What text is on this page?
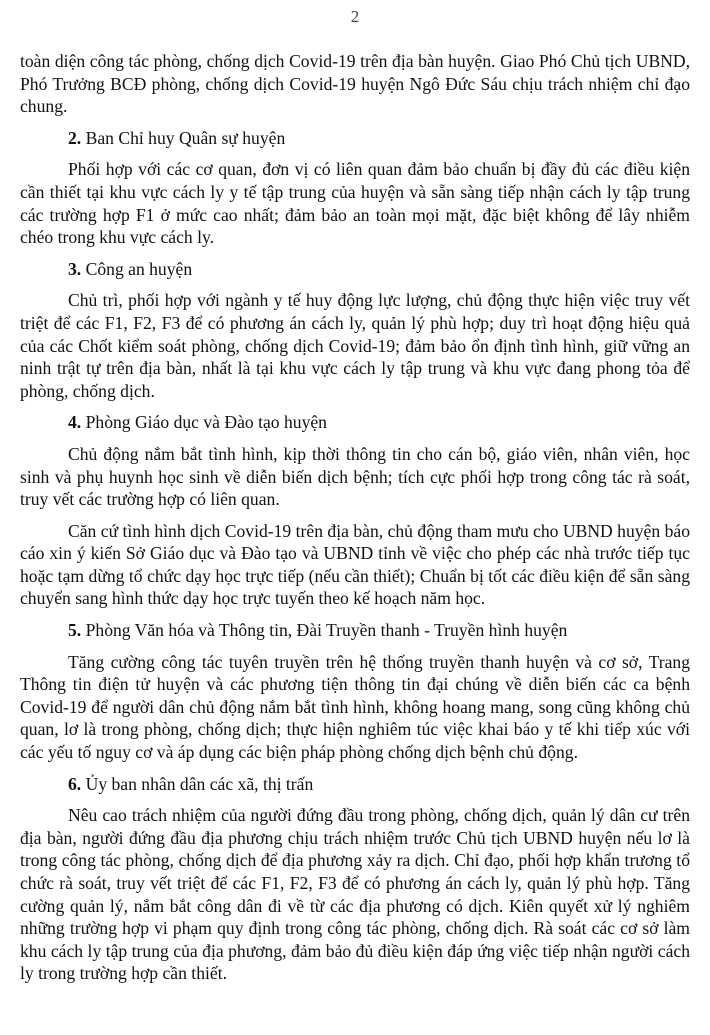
2

toàn diện công tác phòng, chống dịch Covid-19 trên địa bàn huyện. Giao Phó Chủ tịch UBND, Phó Trưởng BCĐ phòng, chống dịch Covid-19 huyện Ngô Đức Sáu chịu trách nhiệm chỉ đạo chung.

2. Ban Chỉ huy Quân sự huyện

Phối hợp với các cơ quan, đơn vị có liên quan đảm bảo chuẩn bị đầy đủ các điều kiện cần thiết tại khu vực cách ly y tế tập trung của huyện và sẵn sàng tiếp nhận cách ly tập trung các trường hợp F1 ở mức cao nhất; đảm bảo an toàn mọi mặt, đặc biệt không để lây nhiễm chéo trong khu vực cách ly.

3. Công an huyện

Chủ trì, phối hợp với ngành y tế huy động lực lượng, chủ động thực hiện việc truy vết triệt để các F1, F2, F3 để có phương án cách ly, quản lý phù hợp; duy trì hoạt động hiệu quả của các Chốt kiểm soát phòng, chống dịch Covid-19; đảm bảo ổn định tình hình, giữ vững an ninh trật tự trên địa bàn, nhất là tại khu vực cách ly tập trung và khu vực đang phong tỏa để phòng, chống dịch.

4. Phòng Giáo dục và Đào tạo huyện

Chủ động nắm bắt tình hình, kịp thời thông tin cho cán bộ, giáo viên, nhân viên, học sinh và phụ huynh học sinh về diễn biến dịch bệnh; tích cực phối hợp trong công tác rà soát, truy vết các trường hợp có liên quan.

Căn cứ tình hình dịch Covid-19 trên địa bàn, chủ động tham mưu cho UBND huyện báo cáo xin ý kiến Sở Giáo dục và Đào tạo và UBND tỉnh về việc cho phép các nhà trước tiếp tục hoặc tạm dừng tổ chức dạy học trực tiếp (nếu cần thiết); Chuẩn bị tốt các điều kiện để sẵn sàng chuyển sang hình thức dạy học trực tuyến theo kế hoạch năm học.

5. Phòng Văn hóa và Thông tin, Đài Truyền thanh - Truyền hình huyện

Tăng cường công tác tuyên truyền trên hệ thống truyền thanh huyện và cơ sở, Trang Thông tin điện tử huyện và các phương tiện thông tin đại chúng về diễn biến các ca bệnh Covid-19 để người dân chủ động nắm bắt tình hình, không hoang mang, song cũng không chủ quan, lơ là trong phòng, chống dịch; thực hiện nghiêm túc việc khai báo y tế khi tiếp xúc với các yếu tố nguy cơ và áp dụng các biện pháp phòng chống dịch bệnh chủ động.

6. Ủy ban nhân dân các xã, thị trấn

Nêu cao trách nhiệm của người đứng đầu trong phòng, chống dịch, quản lý dân cư trên địa bàn, người đứng đầu địa phương chịu trách nhiệm trước Chủ tịch UBND huyện nếu lơ là trong công tác phòng, chống dịch để địa phương xảy ra dịch. Chỉ đạo, phối hợp khẩn trương tổ chức rà soát, truy vết triệt để các F1, F2, F3 để có phương án cách ly, quản lý phù hợp. Tăng cường quản lý, nắm bắt công dân đi về từ các địa phương có dịch. Kiên quyết xử lý nghiêm những trường hợp vi phạm quy định trong công tác phòng, chống dịch. Rà soát các cơ sở làm khu cách ly tập trung của địa phương, đảm bảo đủ điều kiện đáp ứng việc tiếp nhận người cách ly trong trường hợp cần thiết.
